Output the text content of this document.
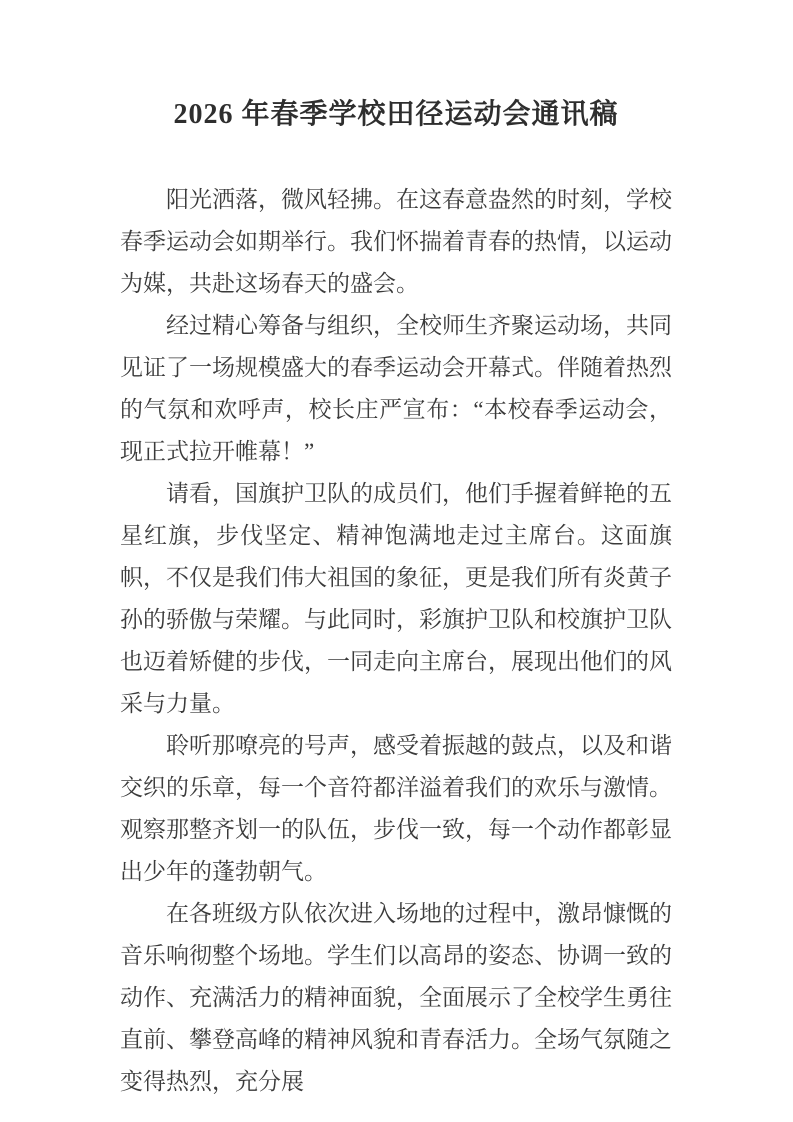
2026 年春季学校田径运动会通讯稿

阳光洒落，微风轻拂。在这春意盎然的时刻，学校春季运动会如期举行。我们怀揣着青春的热情，以运动为媒，共赴这场春天的盛会。

经过精心筹备与组织，全校师生齐聚运动场，共同见证了一场规模盛大的春季运动会开幕式。伴随着热烈的气氛和欢呼声，校长庄严宣布：“本校春季运动会，现正式拉开帷幕！”

请看，国旗护卫队的成员们，他们手握着鲜艳的五星红旗，步伐坚定、精神饱满地走过主席台。这面旗帜，不仅是我们伟大祖国的象征，更是我们所有炎黄子孙的骄傲与荣耀。与此同时，彩旗护卫队和校旗护卫队也迈着矫健的步伐，一同走向主席台，展现出他们的风采与力量。

聆听那嘹亮的号声，感受着振越的鼓点，以及和谐交织的乐章，每一个音符都洋溢着我们的欢乐与激情。观察那整齐划一的队伍，步伐一致，每一个动作都彰显出少年的蓬勃朝气。

在各班级方队依次进入场地的过程中，激昂慷慨的音乐响彻整个场地。学生们以高昂的姿态、协调一致的动作、充满活力的精神面貌，全面展示了全校学生勇往直前、攀登高峰的精神风貌和青春活力。全场气氛随之变得热烈，充分展
